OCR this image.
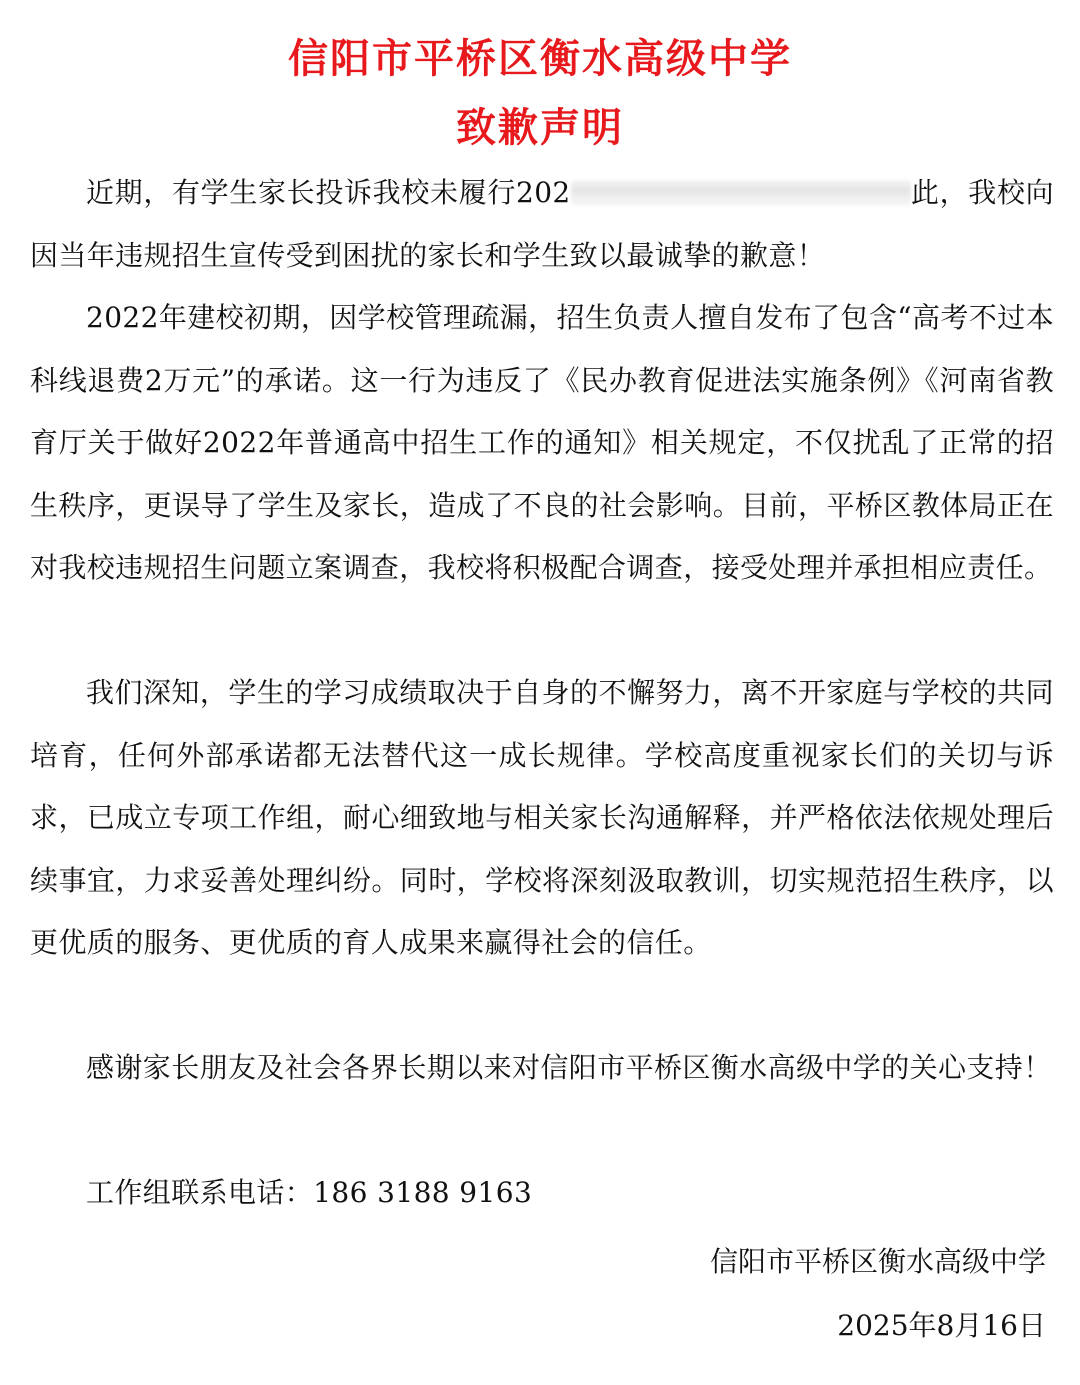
信阳市平桥区衡水高级中学
致歉声明

近期，有学生家长投诉我校未履行202	此，我校向因当年违规招生宣传受到困扰的家长和学生致以最诚挚的歉意！

2022年建校初期，因学校管理疏漏，招生负责人擅自发布了包含“高考不过本科线退费2万元”的承诺。这一行为违反了《民办教育促进法实施条例》《河南省教育厅关于做好2022年普通高中招生工作的通知》相关规定，不仅扰乱了正常的招生秩序，更误导了学生及家长，造成了不良的社会影响。目前，平桥区教体局正在对我校违规招生问题立案调查，我校将积极配合调查，接受处理并承担相应责任。

我们深知，学生的学习成绩取决于自身的不懈努力，离不开家庭与学校的共同培育，任何外部承诺都无法替代这一成长规律。学校高度重视家长们的关切与诉求，已成立专项工作组，耐心细致地与相关家长沟通解释，并严格依法依规处理后续事宜，力求妥善处理纠纷。同时，学校将深刻汲取教训，切实规范招生秩序，以更优质的服务、更优质的育人成果来赢得社会的信任。

感谢家长朋友及社会各界长期以来对信阳市平桥区衡水高级中学的关心支持！

工作组联系电话：186 3188 9163

信阳市平桥区衡水高级中学
2025年8月16日
